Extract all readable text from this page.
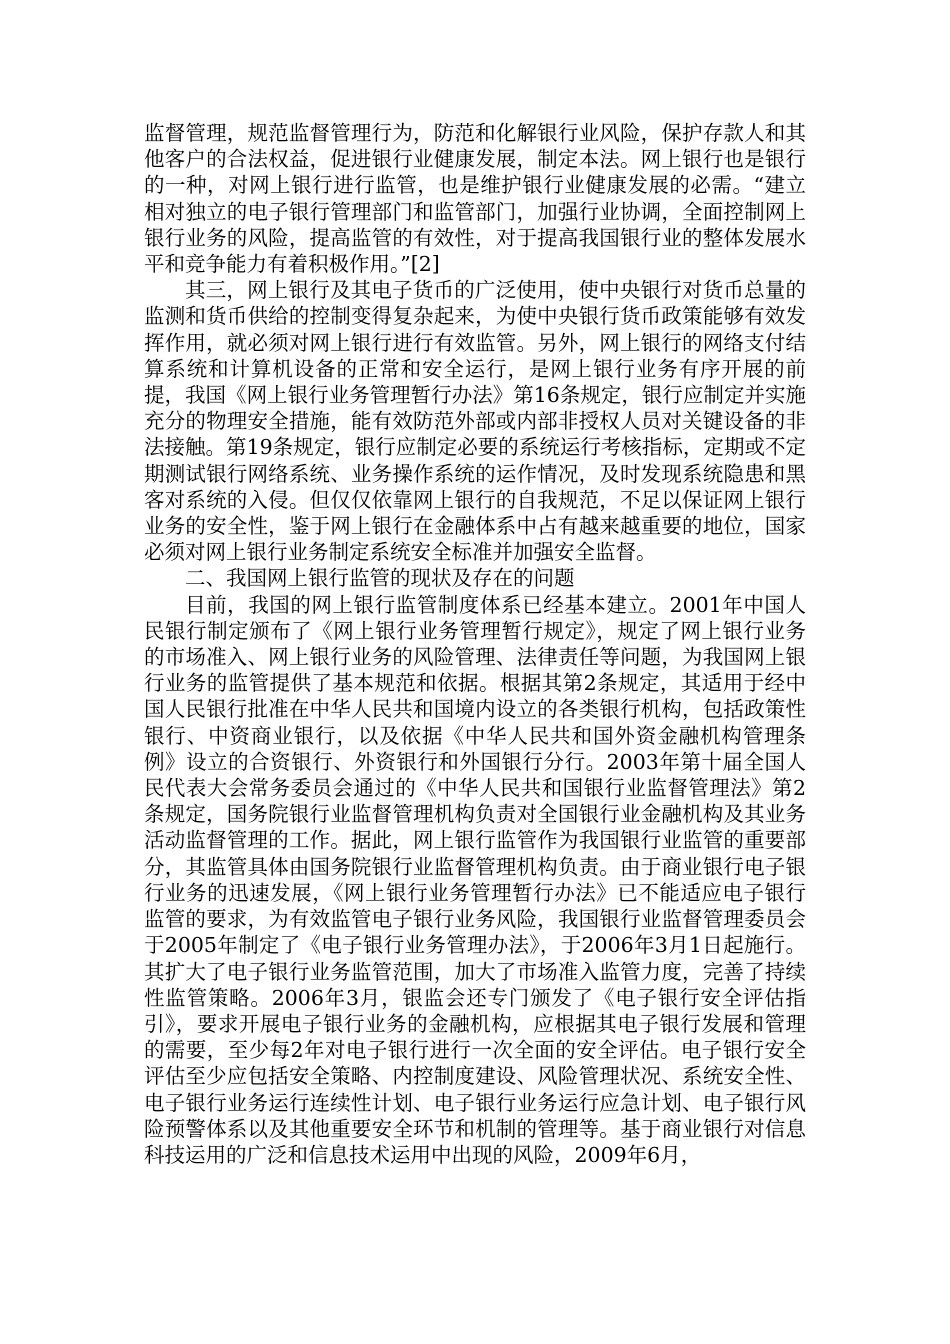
监督管理，规范监督管理行为，防范和化解银行业风险，保护存款人和其他客户的合法权益，促进银行业健康发展，制定本法。网上银行也是银行的一种，对网上银行进行监管，也是维护银行业健康发展的必需。“建立相对独立的电子银行管理部门和监管部门，加强行业协调，全面控制网上银行业务的风险，提高监管的有效性，对于提高我国银行业的整体发展水平和竞争能力有着积极作用。”[2]

其三，网上银行及其电子货币的广泛使用，使中央银行对货币总量的监测和货币供给的控制变得复杂起来，为使中央银行货币政策能够有效发挥作用，就必须对网上银行进行有效监管。另外，网上银行的网络支付结算系统和计算机设备的正常和安全运行，是网上银行业务有序开展的前提，我国《网上银行业务管理暂行办法》第16条规定，银行应制定并实施充分的物理安全措施，能有效防范外部或内部非授权人员对关键设备的非法接触。第19条规定，银行应制定必要的系统运行考核指标，定期或不定期测试银行网络系统、业务操作系统的运作情况，及时发现系统隐患和黑客对系统的入侵。但仅仅依靠网上银行的自我规范，不足以保证网上银行业务的安全性，鉴于网上银行在金融体系中占有越来越重要的地位，国家必须对网上银行业务制定系统安全标准并加强安全监督。

二、我国网上银行监管的现状及存在的问题

目前，我国的网上银行监管制度体系已经基本建立。2001年中国人民银行制定颁布了《网上银行业务管理暂行规定》，规定了网上银行业务的市场准入、网上银行业务的风险管理、法律责任等问题，为我国网上银行业务的监管提供了基本规范和依据。根据其第2条规定，其适用于经中国人民银行批准在中华人民共和国境内设立的各类银行机构，包括政策性银行、中资商业银行，以及依据《中华人民共和国外资金融机构管理条例》设立的合资银行、外资银行和外国银行分行。2003年第十届全国人民代表大会常务委员会通过的《中华人民共和国银行业监督管理法》第2条规定，国务院银行业监督管理机构负责对全国银行业金融机构及其业务活动监督管理的工作。据此，网上银行监管作为我国银行业监管的重要部分，其监管具体由国务院银行业监督管理机构负责。由于商业银行电子银行业务的迅速发展，《网上银行业务管理暂行办法》已不能适应电子银行监管的要求，为有效监管电子银行业务风险，我国银行业监督管理委员会于2005年制定了《电子银行业务管理办法》，于2006年3月1日起施行。其扩大了电子银行业务监管范围，加大了市场准入监管力度，完善了持续性监管策略。2006年3月，银监会还专门颁发了《电子银行安全评估指引》，要求开展电子银行业务的金融机构，应根据其电子银行发展和管理的需要，至少每2年对电子银行进行一次全面的安全评估。电子银行安全评估至少应包括安全策略、内控制度建设、风险管理状况、系统安全性、电子银行业务运行连续性计划、电子银行业务运行应急计划、电子银行风险预警体系以及其他重要安全环节和机制的管理等。基于商业银行对信息科技运用的广泛和信息技术运用中出现的风险，2009年6月，
